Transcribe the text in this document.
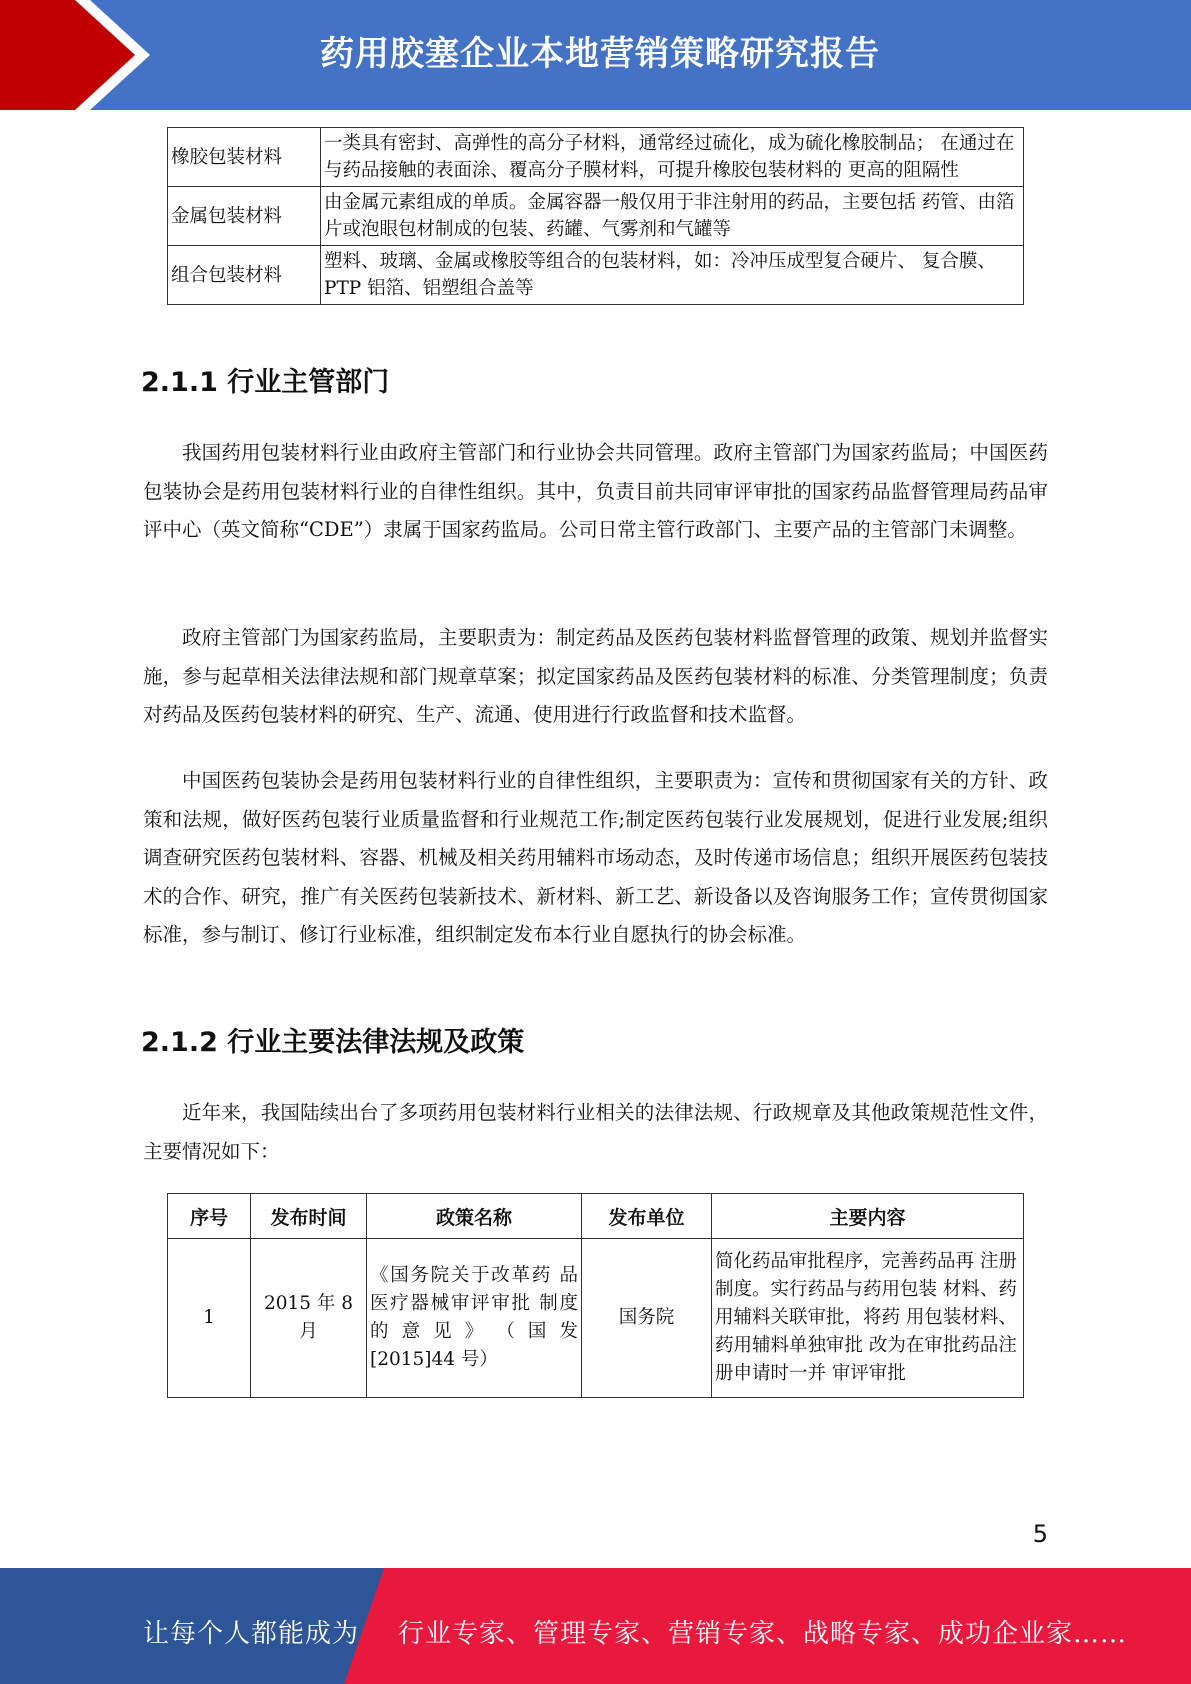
药用胶塞企业本地营销策略研究报告
橡胶包装材料	一类具有密封、高弹性的高分子材料，通常经过硫化，成为硫化橡胶制品； 在通过在与药品接触的表面涂、覆高分子膜材料，可提升橡胶包装材料的 更高的阻隔性
金属包装材料	由金属元素组成的单质。金属容器一般仅用于非注射用的药品，主要包括 药管、由箔片或泡眼包材制成的包装、药罐、气雾剂和气罐等
组合包装材料	塑料、玻璃、金属或橡胶等组合的包装材料，如：冷冲压成型复合硬片、 复合膜、PTP 铝箔、铝塑组合盖等
2.1.1 行业主管部门

我国药用包装材料行业由政府主管部门和行业协会共同管理。政府主管部门为国家药监局；中国医药包装协会是药用包装材料行业的自律性组织。其中，负责目前共同审评审批的国家药品监督管理局药品审评中心（英文简称“CDE”）隶属于国家药监局。公司日常主管行政部门、主要产品的主管部门未调整。

政府主管部门为国家药监局，主要职责为：制定药品及医药包装材料监督管理的政策、规划并监督实施，参与起草相关法律法规和部门规章草案；拟定国家药品及医药包装材料的标准、分类管理制度；负责对药品及医药包装材料的研究、生产、流通、使用进行行政监督和技术监督。

中国医药包装协会是药用包装材料行业的自律性组织，主要职责为：宣传和贯彻国家有关的方针、政策和法规，做好医药包装行业质量监督和行业规范工作;制定医药包装行业发展规划，促进行业发展;组织调查研究医药包装材料、容器、机械及相关药用辅料市场动态，及时传递市场信息；组织开展医药包装技术的合作、研究，推广有关医药包装新技术、新材料、新工艺、新设备以及咨询服务工作；宣传贯彻国家标准，参与制订、修订行业标准，组织制定发布本行业自愿执行的协会标准。

2.1.2 行业主要法律法规及政策

近年来，我国陆续出台了多项药用包装材料行业相关的法律法规、行政规章及其他政策规范性文件，主要情况如下：

序号	发布时间	政策名称	发布单位	主要内容
1	2015 年 8 月	《国务院关于改革药 品医疗器械审评审批 制度的 意 见 》 （ 国 发 [2015]44 号）	国务院	简化药品审批程序，完善药品再 注册制度。实行药品与药用包装 材料、药用辅料关联审批，将药 用包装材料、药用辅料单独审批 改为在审批药品注册申请时一并 审评审批
5
让每个人都能成为 行业专家、管理专家、营销专家、战略专家、成功企业家……
